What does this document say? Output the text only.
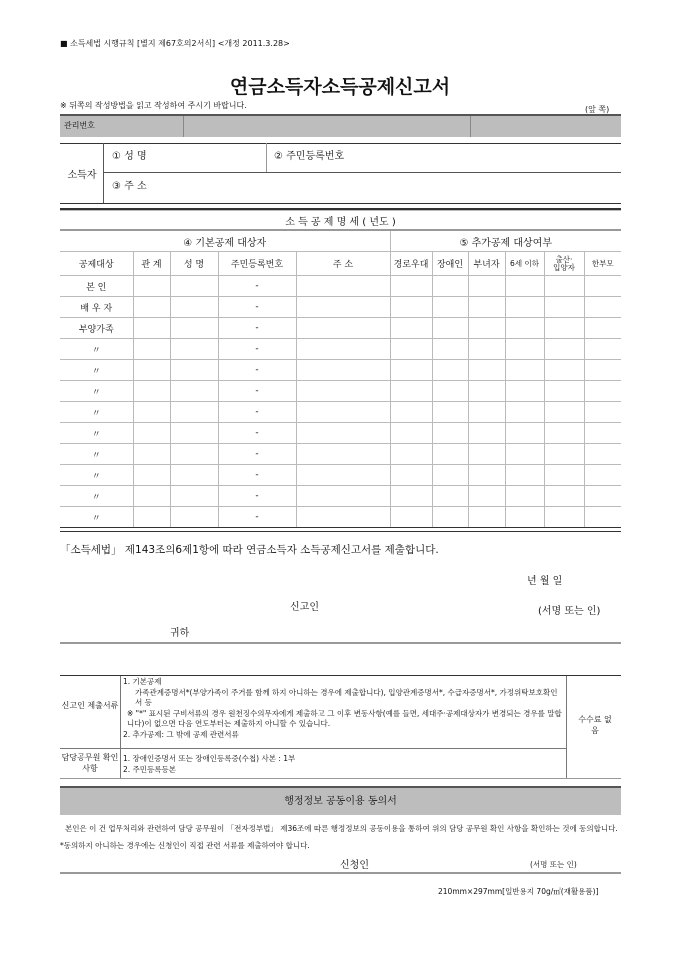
■ 소득세법 시행규칙 [별지 제67호의2서식] <개정 2011.3.28>
연금소득자소득공제신고서
※ 뒤쪽의 작성방법을 읽고 작성하여 주시기 바랍니다.	(앞 쪽)
관리번호
소득자
① 성 명	② 주민등록번호
③ 주 소
소 득 공 제 명 세 ( 년도 )										
④ 기본공제 대상자					⑤ 추가공제 대상여부					
공제대상	관 계	성 명	주민등록번호	주 소	경로우대	장애인	부녀자	6세 이하	출산· 입양자	한부모
본 인			-							
배 우 자			-							
부양가족			-							
〃			-							
〃			-							
〃			-							
〃			-							
〃			-							
〃			-							
〃			-							
〃			-							
〃			-							
「소득세법」 제143조의6제1항에 따라 연금소득자 소득공제신고서를 제출합니다.
년 월 일
신고인	(서명 또는 인)
귀하
신고인 제출서류
1. 기본공제
가족관계증명서*(부양가족이 주거를 함께 하지 아니하는 경우에 제출합니다), 입양관계증명서*, 수급자증명서*, 가정위탁보호확인서 등
※ "*" 표시된 구비서류의 경우 원천징수의무자에게 제출하고 그 이후 변동사항(예를 들면, 세대주·공제대상자가 변경되는 경우를 말합니다)이 없으면 다음 연도부터는 제출하지 아니할 수 있습니다.
2. 추가공제: 그 밖에 공제 관련서류
수수료 없 음
담당공무원 확인사항
1. 장애인증명서 또는 장애인등록증(수첩) 사본 : 1부
2. 주민등록등본
행정정보 공동이용 동의서
본인은 이 건 업무처리와 관련하여 담당 공무원이 「전자정부법」 제36조에 따른 행정정보의 공동이용을 통하여 위의 담당 공무원 확인 사항을 확인하는 것에 동의합니다. *동의하지 아니하는 경우에는 신청인이 직접 관련 서류를 제출하여야 합니다.
신청인	(서명 또는 인)
210mm×297mm[일반용지 70g/㎡(재활용품)]
